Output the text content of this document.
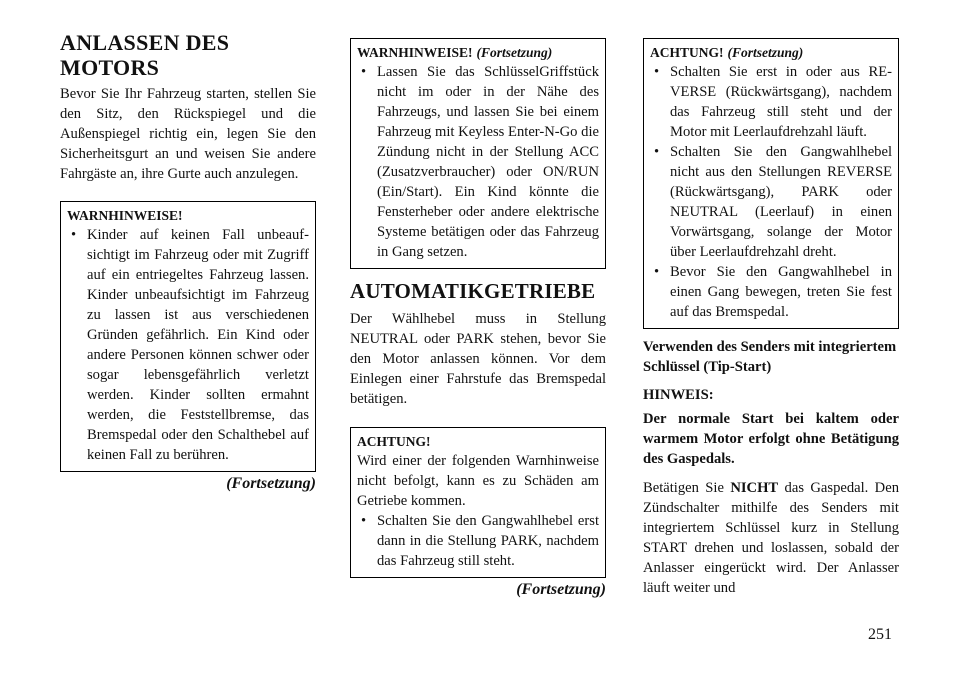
ANLASSEN DES
MOTORS

Bevor Sie Ihr Fahrzeug starten, stellen Sie den Sitz, den Rückspiegel und die Außenspiegel richtig ein, legen Sie den Sicherheitsgurt an und weisen Sie andere Fahrgäste an, ihre Gurte auch anzulegen.

WARNHINWEISE!
• Kinder auf keinen Fall unbeaufsichtigt im Fahrzeug oder mit Zugriff auf ein entriegeltes Fahrzeug lassen. Kinder unbeaufsichtigt im Fahrzeug zu lassen ist aus verschiedenen Gründen gefährlich. Ein Kind oder andere Personen können schwer oder sogar lebensgefährlich verletzt werden. Kinder sollten ermahnt werden, die Feststellbremse, das Bremspedal oder den Schalthebel auf keinen Fall zu berühren.
(Fortsetzung)
WARNHINWEISE! (Fortsetzung)
• Lassen Sie das SchlüsselGriffstück nicht im oder in der Nähe des Fahrzeugs, und lassen Sie bei einem Fahrzeug mit Keyless Enter-N-Go die Zündung nicht in der Stellung ACC (Zusatzverbraucher) oder ON/RUN (Ein/Start). Ein Kind könnte die Fensterheber oder andere elektrische Systeme betätigen oder das Fahrzeug in Gang setzen.
AUTOMATIKGETRIEBE

Der Wählhebel muss in Stellung NEUTRAL oder PARK stehen, bevor Sie den Motor anlassen können. Vor dem Einlegen einer Fahrstufe das Bremspedal betätigen.

ACHTUNG!
Wird einer der folgenden Warnhinweise nicht befolgt, kann es zu Schäden am Getriebe kommen.
• Schalten Sie den Gangwahlhebel erst dann in die Stellung PARK, nachdem das Fahrzeug still steht.
(Fortsetzung)
ACHTUNG! (Fortsetzung)
• Schalten Sie erst in oder aus REVERSE (Rückwärtsgang), nachdem das Fahrzeug still steht und der Motor mit Leerlaufdrehzahl läuft.
• Schalten Sie den Gangwahlhebel nicht aus den Stellungen REVERSE (Rückwärtsgang), PARK oder NEUTRAL (Leerlauf) in einen Vorwärtsgang, solange der Motor über Leerlaufdrehzahl dreht.
• Bevor Sie den Gangwahlhebel in einen Gang bewegen, treten Sie fest auf das Bremspedal.

Verwenden des Senders mit integriertem Schlüssel (Tip-Start)

HINWEIS:

Der normale Start bei kaltem oder warmem Motor erfolgt ohne Betätigung des Gaspedals.

Betätigen Sie NICHT das Gaspedal. Den Zündschalter mithilfe des Senders mit integriertem Schlüssel kurz in Stellung START drehen und loslassen, sobald der Anlasser eingerückt wird. Der Anlasser läuft weiter und

251
